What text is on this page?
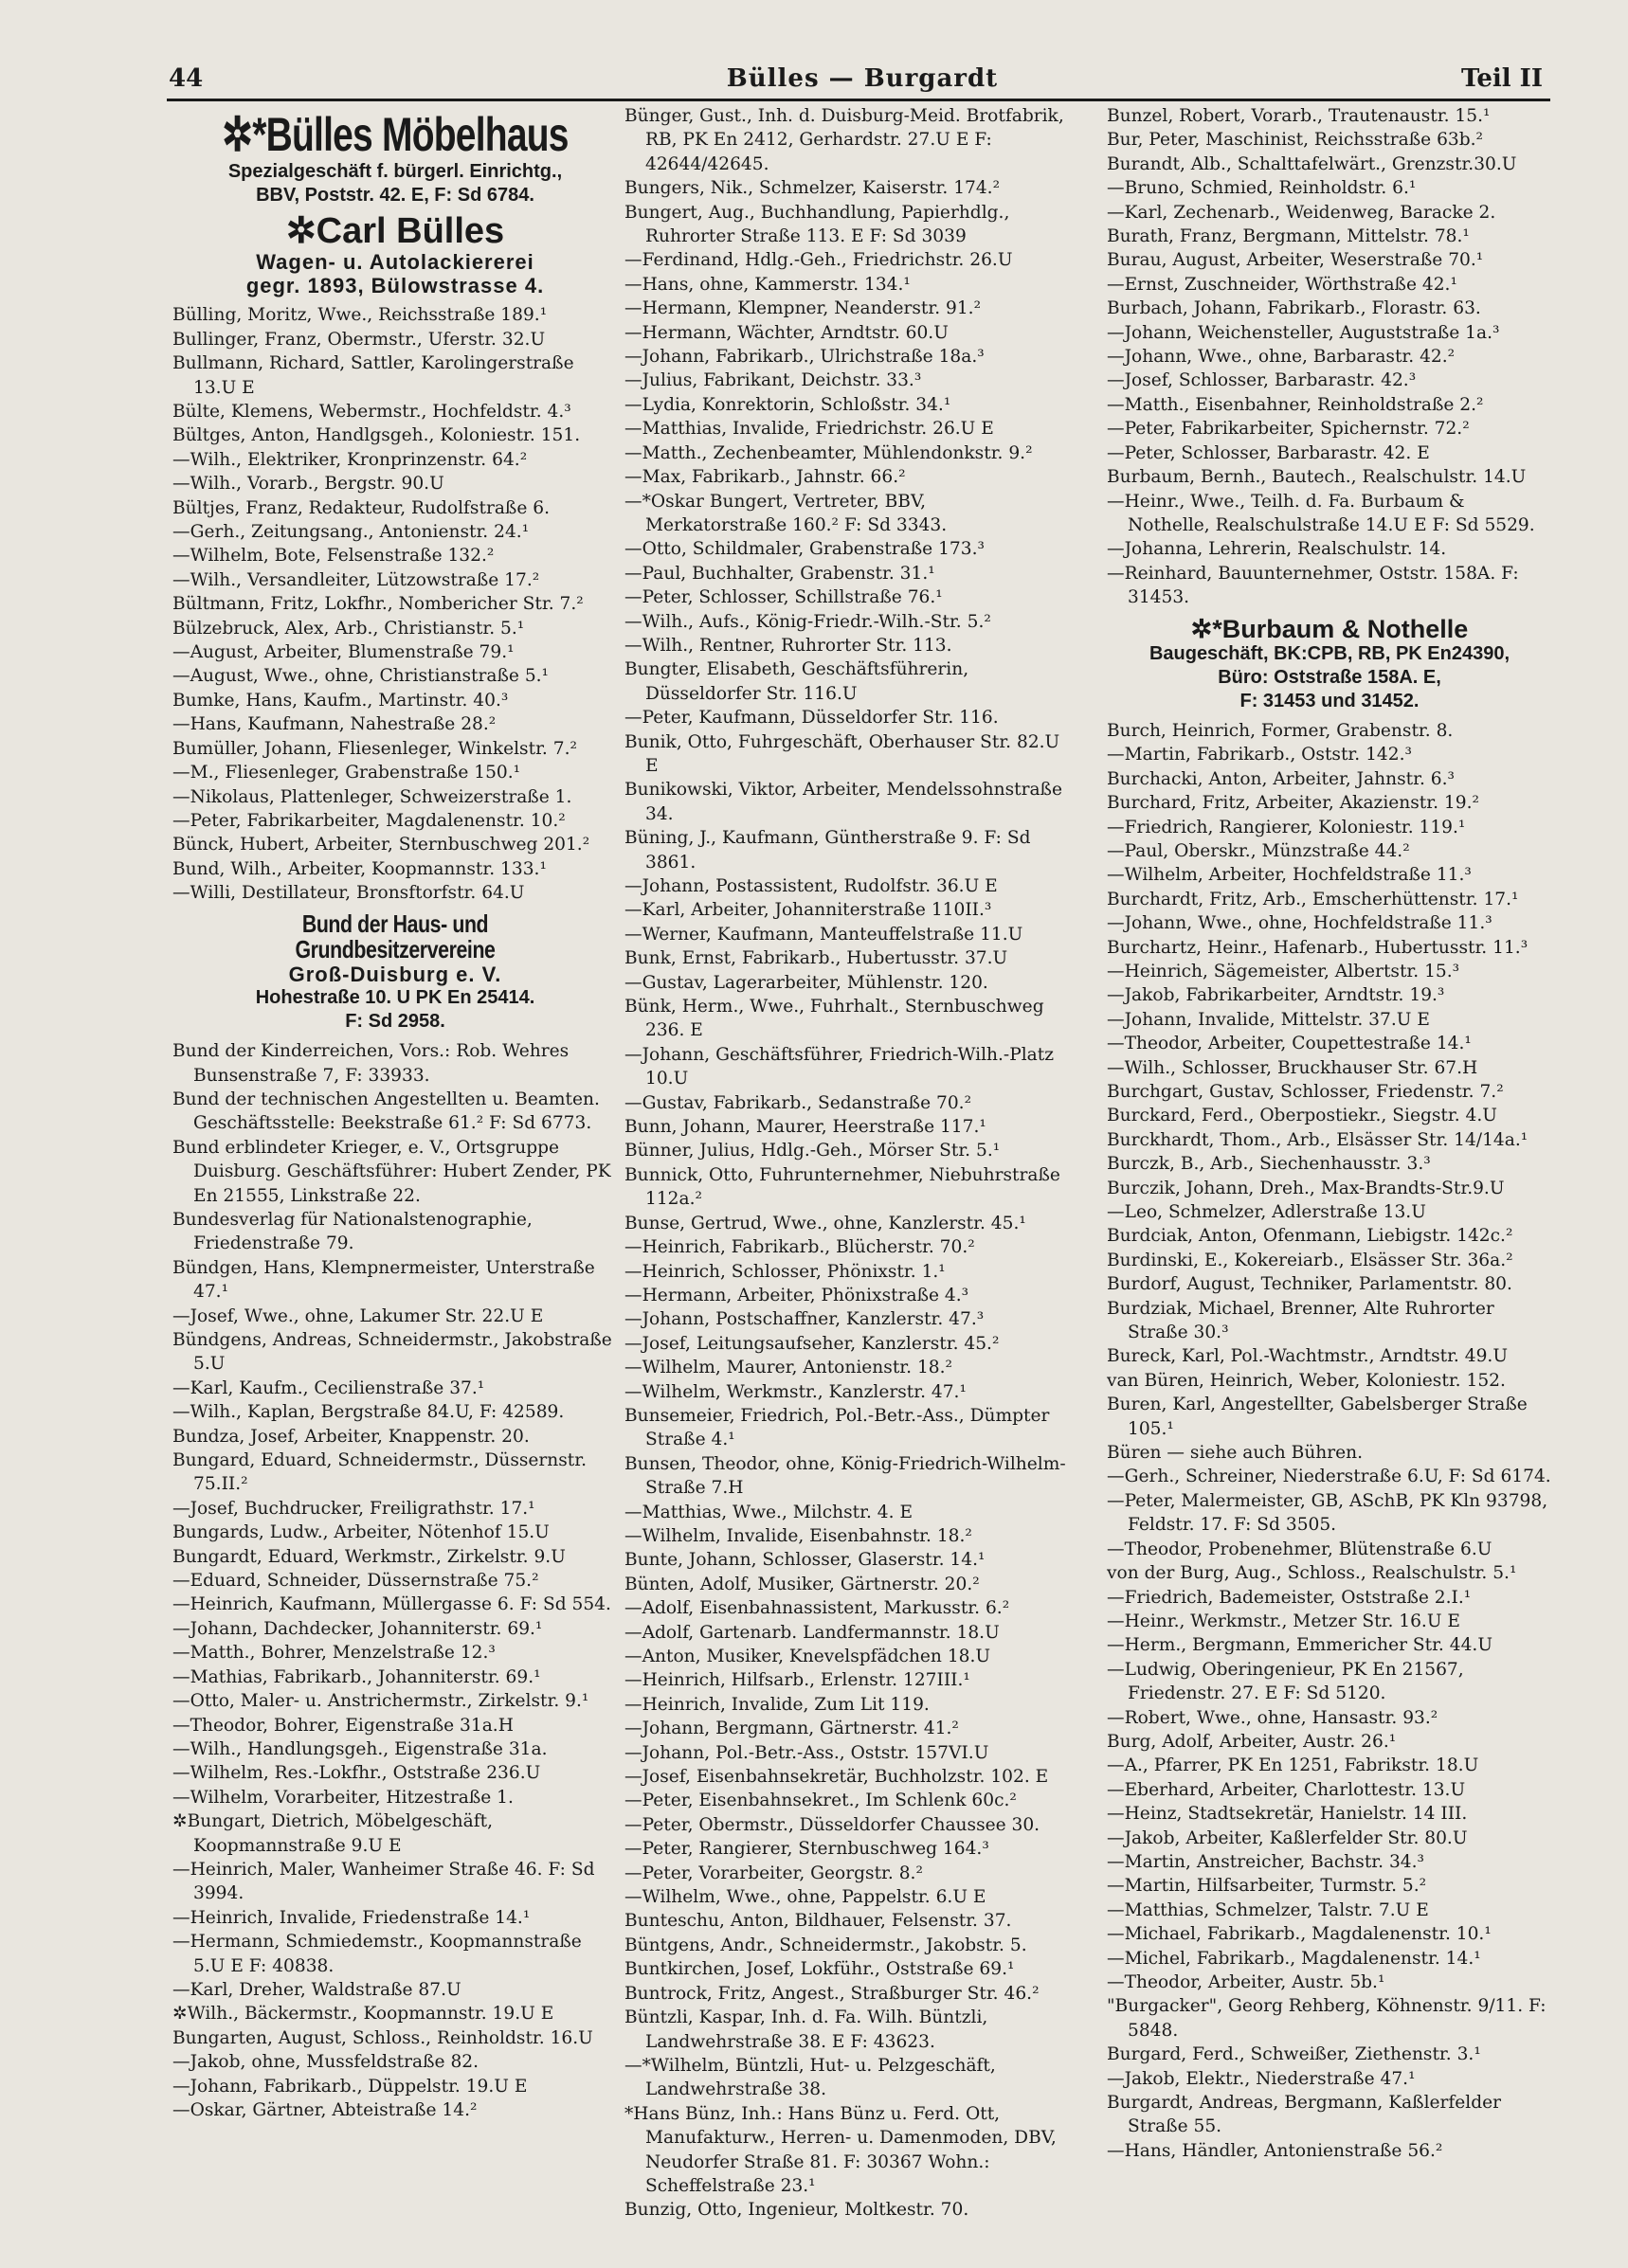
44	Bülles — Burgardt	Teil II
✲*Bülles Möbelhaus
Spezialgeschäft f. bürgerl. Einrichtg.,
BBV, Poststr. 42. E, F: Sd 6784.
✲Carl Bülles
Wagen- u. Autolackiererei
gegr. 1893, Bülowstrasse 4.

Bülling, Moritz, Wwe., Reichsstraße 189.¹

Bullinger, Franz, Obermstr., Uferstr. 32.U

Bullmann, Richard, Sattler, Karolingerstraße 13.U E

Bülte, Klemens, Webermstr., Hochfeldstr. 4.³

Bültges, Anton, Handlgsgeh., Koloniestr. 151.

—Wilh., Elektriker, Kronprinzenstr. 64.²

—Wilh., Vorarb., Bergstr. 90.U

Bültjes, Franz, Redakteur, Rudolfstraße 6.

—Gerh., Zeitungsang., Antonienstr. 24.¹

—Wilhelm, Bote, Felsenstraße 132.²

—Wilh., Versandleiter, Lützowstraße 17.²

Bültmann, Fritz, Lokfhr., Nombericher Str. 7.²

Bülzebruck, Alex, Arb., Christianstr. 5.¹

—August, Arbeiter, Blumenstraße 79.¹

—August, Wwe., ohne, Christianstraße 5.¹

Bumke, Hans, Kaufm., Martinstr. 40.³

—Hans, Kaufmann, Nahestraße 28.²

Bumüller, Johann, Fliesenleger, Winkelstr. 7.²

—M., Fliesenleger, Grabenstraße 150.¹

—Nikolaus, Plattenleger, Schweizerstraße 1.

—Peter, Fabrikarbeiter, Magdalenenstr. 10.²

Bünck, Hubert, Arbeiter, Sternbuschweg 201.²

Bund, Wilh., Arbeiter, Koopmannstr. 133.¹

—Willi, Destillateur, Bronsftorfstr. 64.U

Bund der Haus- und Grundbesitzervereine
Groß-Duisburg e. V.
Hohestraße 10. U PK En 25414.
F: Sd 2958.

Bund der Kinderreichen, Vors.: Rob. Wehres Bunsenstraße 7, F: 33933.

Bund der technischen Angestellten u. Beamten. Geschäftsstelle: Beekstraße 61.² F: Sd 6773.

Bund erblindeter Krieger, e. V., Ortsgruppe Duisburg. Geschäftsführer: Hubert Zender, PK En 21555, Linkstraße 22.

Bundesverlag für Nationalstenographie, Friedenstraße 79.

Bündgen, Hans, Klempnermeister, Unterstraße 47.¹

—Josef, Wwe., ohne, Lakumer Str. 22.U E

Bündgens, Andreas, Schneidermstr., Jakobstraße 5.U

—Karl, Kaufm., Cecilienstraße 37.¹

—Wilh., Kaplan, Bergstraße 84.U, F: 42589.

Bundza, Josef, Arbeiter, Knappenstr. 20.

Bungard, Eduard, Schneidermstr., Düssernstr. 75.II.²

—Josef, Buchdrucker, Freiligrathstr. 17.¹

Bungards, Ludw., Arbeiter, Nötenhof 15.U

Bungardt, Eduard, Werkmstr., Zirkelstr. 9.U

—Eduard, Schneider, Düssernstraße 75.²

—Heinrich, Kaufmann, Müllergasse 6. F: Sd 554.

—Johann, Dachdecker, Johanniterstr. 69.¹

—Matth., Bohrer, Menzelstraße 12.³

—Mathias, Fabrikarb., Johanniterstr. 69.¹

—Otto, Maler- u. Anstrichermstr., Zirkelstr. 9.¹

—Theodor, Bohrer, Eigenstraße 31a.H

—Wilh., Handlungsgeh., Eigenstraße 31a.

—Wilhelm, Res.-Lokfhr., Oststraße 236.U

—Wilhelm, Vorarbeiter, Hitzestraße 1.

✲Bungart, Dietrich, Möbelgeschäft, Koopmannstraße 9.U E

—Heinrich, Maler, Wanheimer Straße 46. F: Sd 3994.

—Heinrich, Invalide, Friedenstraße 14.¹

—Hermann, Schmiedemstr., Koopmannstraße 5.U E F: 40838.

—Karl, Dreher, Waldstraße 87.U

✲Wilh., Bäckermstr., Koopmannstr. 19.U E

Bungarten, August, Schloss., Reinholdstr. 16.U

—Jakob, ohne, Mussfeldstraße 82.

—Johann, Fabrikarb., Düppelstr. 19.U E

—Oskar, Gärtner, Abteistraße 14.²

Bünger, Gust., Inh. d. Duisburg-Meid. Brotfabrik, RB, PK En 2412, Gerhardstr. 27.U E F: 42644/42645.

Bungers, Nik., Schmelzer, Kaiserstr. 174.²

Bungert, Aug., Buchhandlung, Papierhdlg., Ruhrorter Straße 113. E F: Sd 3039

—Ferdinand, Hdlg.-Geh., Friedrichstr. 26.U

—Hans, ohne, Kammerstr. 134.¹

—Hermann, Klempner, Neanderstr. 91.²

—Hermann, Wächter, Arndtstr. 60.U

—Johann, Fabrikarb., Ulrichstraße 18a.³

—Julius, Fabrikant, Deichstr. 33.³

—Lydia, Konrektorin, Schloßstr. 34.¹

—Matthias, Invalide, Friedrichstr. 26.U E

—Matth., Zechenbeamter, Mühlendonkstr. 9.²

—Max, Fabrikarb., Jahnstr. 66.²

—*Oskar Bungert, Vertreter, BBV, Merkatorstraße 160.² F: Sd 3343.

—Otto, Schildmaler, Grabenstraße 173.³

—Paul, Buchhalter, Grabenstr. 31.¹

—Peter, Schlosser, Schillstraße 76.¹

—Wilh., Aufs., König-Friedr.-Wilh.-Str. 5.²

—Wilh., Rentner, Ruhrorter Str. 113.

Bungter, Elisabeth, Geschäftsführerin, Düsseldorfer Str. 116.U

—Peter, Kaufmann, Düsseldorfer Str. 116.

Bunik, Otto, Fuhrgeschäft, Oberhauser Str. 82.U E

Bunikowski, Viktor, Arbeiter, Mendelssohnstraße 34.

Büning, J., Kaufmann, Güntherstraße 9. F: Sd 3861.

—Johann, Postassistent, Rudolfstr. 36.U E

—Karl, Arbeiter, Johanniterstraße 110II.³

—Werner, Kaufmann, Manteuffelstraße 11.U

Bunk, Ernst, Fabrikarb., Hubertusstr. 37.U

—Gustav, Lagerarbeiter, Mühlenstr. 120.

Bünk, Herm., Wwe., Fuhrhalt., Sternbuschweg 236. E

—Johann, Geschäftsführer, Friedrich-Wilh.-Platz 10.U

—Gustav, Fabrikarb., Sedanstraße 70.²

Bunn, Johann, Maurer, Heerstraße 117.¹

Bünner, Julius, Hdlg.-Geh., Mörser Str. 5.¹

Bunnick, Otto, Fuhrunternehmer, Niebuhrstraße 112a.²

Bunse, Gertrud, Wwe., ohne, Kanzlerstr. 45.¹

—Heinrich, Fabrikarb., Blücherstr. 70.²

—Heinrich, Schlosser, Phönixstr. 1.¹

—Hermann, Arbeiter, Phönixstraße 4.³

—Johann, Postschaffner, Kanzlerstr. 47.³

—Josef, Leitungsaufseher, Kanzlerstr. 45.²

—Wilhelm, Maurer, Antonienstr. 18.²

—Wilhelm, Werkmstr., Kanzlerstr. 47.¹

Bunsemeier, Friedrich, Pol.-Betr.-Ass., Dümpter Straße 4.¹

Bunsen, Theodor, ohne, König-Friedrich-Wilhelm-Straße 7.H

—Matthias, Wwe., Milchstr. 4. E

—Wilhelm, Invalide, Eisenbahnstr. 18.²

Bunte, Johann, Schlosser, Glaserstr. 14.¹

Bünten, Adolf, Musiker, Gärtnerstr. 20.²

—Adolf, Eisenbahnassistent, Markusstr. 6.²

—Adolf, Gartenarb. Landfermannstr. 18.U

—Anton, Musiker, Knevelspfädchen 18.U

—Heinrich, Hilfsarb., Erlenstr. 127III.¹

—Heinrich, Invalide, Zum Lit 119.

—Johann, Bergmann, Gärtnerstr. 41.²

—Johann, Pol.-Betr.-Ass., Oststr. 157VI.U

—Josef, Eisenbahnsekretär, Buchholzstr. 102. E

—Peter, Eisenbahnsekret., Im Schlenk 60c.²

—Peter, Obermstr., Düsseldorfer Chaussee 30.

—Peter, Rangierer, Sternbuschweg 164.³

—Peter, Vorarbeiter, Georgstr. 8.²

—Wilhelm, Wwe., ohne, Pappelstr. 6.U E

Bunteschu, Anton, Bildhauer, Felsenstr. 37.

Büntgens, Andr., Schneidermstr., Jakobstr. 5.

Buntkirchen, Josef, Lokführ., Oststraße 69.¹

Buntrock, Fritz, Angest., Straßburger Str. 46.²

Büntzli, Kaspar, Inh. d. Fa. Wilh. Büntzli, Landwehrstraße 38. E F: 43623.

—*Wilhelm, Büntzli, Hut- u. Pelzgeschäft, Landwehrstraße 38.

*Hans Bünz, Inh.: Hans Bünz u. Ferd. Ott, Manufakturw., Herren- u. Damenmoden, DBV, Neudorfer Straße 81. F: 30367 Wohn.: Scheffelstraße 23.¹

Bunzig, Otto, Ingenieur, Moltkestr. 70.

Bunzel, Robert, Vorarb., Trautenaustr. 15.¹

Bur, Peter, Maschinist, Reichsstraße 63b.²

Burandt, Alb., Schalttafelwärt., Grenzstr.30.U

—Bruno, Schmied, Reinholdstr. 6.¹

—Karl, Zechenarb., Weidenweg, Baracke 2.

Burath, Franz, Bergmann, Mittelstr. 78.¹

Burau, August, Arbeiter, Weserstraße 70.¹

—Ernst, Zuschneider, Wörthstraße 42.¹

Burbach, Johann, Fabrikarb., Florastr. 63.

—Johann, Weichensteller, Auguststraße 1a.³

—Johann, Wwe., ohne, Barbarastr. 42.²

—Josef, Schlosser, Barbarastr. 42.³

—Matth., Eisenbahner, Reinholdstraße 2.²

—Peter, Fabrikarbeiter, Spichernstr. 72.²

—Peter, Schlosser, Barbarastr. 42. E

Burbaum, Bernh., Bautech., Realschulstr. 14.U

—Heinr., Wwe., Teilh. d. Fa. Burbaum & Nothelle, Realschulstraße 14.U E F: Sd 5529.

—Johanna, Lehrerin, Realschulstr. 14.

—Reinhard, Bauunternehmer, Oststr. 158A. F: 31453.

✲*Burbaum & Nothelle
Baugeschäft, BK:CPB, RB, PK En24390,
Büro: Oststraße 158A. E,
F: 31453 und 31452.

Burch, Heinrich, Former, Grabenstr. 8.

—Martin, Fabrikarb., Oststr. 142.³

Burchacki, Anton, Arbeiter, Jahnstr. 6.³

Burchard, Fritz, Arbeiter, Akazienstr. 19.²

—Friedrich, Rangierer, Koloniestr. 119.¹

—Paul, Oberskr., Münzstraße 44.²

—Wilhelm, Arbeiter, Hochfeldstraße 11.³

Burchardt, Fritz, Arb., Emscherhüttenstr. 17.¹

—Johann, Wwe., ohne, Hochfeldstraße 11.³

Burchartz, Heinr., Hafenarb., Hubertusstr. 11.³

—Heinrich, Sägemeister, Albertstr. 15.³

—Jakob, Fabrikarbeiter, Arndtstr. 19.³

—Johann, Invalide, Mittelstr. 37.U E

—Theodor, Arbeiter, Coupettestraße 14.¹

—Wilh., Schlosser, Bruckhauser Str. 67.H

Burchgart, Gustav, Schlosser, Friedenstr. 7.²

Burckard, Ferd., Oberpostiekr., Siegstr. 4.U

Burckhardt, Thom., Arb., Elsässer Str. 14/14a.¹

Burczk, B., Arb., Siechenhausstr. 3.³

Burczik, Johann, Dreh., Max-Brandts-Str.9.U

—Leo, Schmelzer, Adlerstraße 13.U

Burdciak, Anton, Ofenmann, Liebigstr. 142c.²

Burdinski, E., Kokereiarb., Elsässer Str. 36a.²

Burdorf, August, Techniker, Parlamentstr. 80.

Burdziak, Michael, Brenner, Alte Ruhrorter Straße 30.³

Bureck, Karl, Pol.-Wachtmstr., Arndtstr. 49.U

van Büren, Heinrich, Weber, Koloniestr. 152.

Buren, Karl, Angestellter, Gabelsberger Straße 105.¹

Büren — siehe auch Bühren.

—Gerh., Schreiner, Niederstraße 6.U, F: Sd 6174.

—Peter, Malermeister, GB, ASchB, PK Kln 93798, Feldstr. 17. F: Sd 3505.

—Theodor, Probenehmer, Blütenstraße 6.U

von der Burg, Aug., Schloss., Realschulstr. 5.¹

—Friedrich, Bademeister, Oststraße 2.I.¹

—Heinr., Werkmstr., Metzer Str. 16.U E

—Herm., Bergmann, Emmericher Str. 44.U

—Ludwig, Oberingenieur, PK En 21567, Friedenstr. 27. E F: Sd 5120.

—Robert, Wwe., ohne, Hansastr. 93.²

Burg, Adolf, Arbeiter, Austr. 26.¹

—A., Pfarrer, PK En 1251, Fabrikstr. 18.U

—Eberhard, Arbeiter, Charlottestr. 13.U

—Heinz, Stadtsekretär, Hanielstr. 14 III.

—Jakob, Arbeiter, Kaßlerfelder Str. 80.U

—Martin, Anstreicher, Bachstr. 34.³

—Martin, Hilfsarbeiter, Turmstr. 5.²

—Matthias, Schmelzer, Talstr. 7.U E

—Michael, Fabrikarb., Magdalenenstr. 10.¹

—Michel, Fabrikarb., Magdalenenstr. 14.¹

—Theodor, Arbeiter, Austr. 5b.¹

"Burgacker", Georg Rehberg, Köhnenstr. 9/11. F: 5848.

Burgard, Ferd., Schweißer, Ziethenstr. 3.¹

—Jakob, Elektr., Niederstraße 47.¹

Burgardt, Andreas, Bergmann, Kaßlerfelder Straße 55.

—Hans, Händler, Antonienstraße 56.²
